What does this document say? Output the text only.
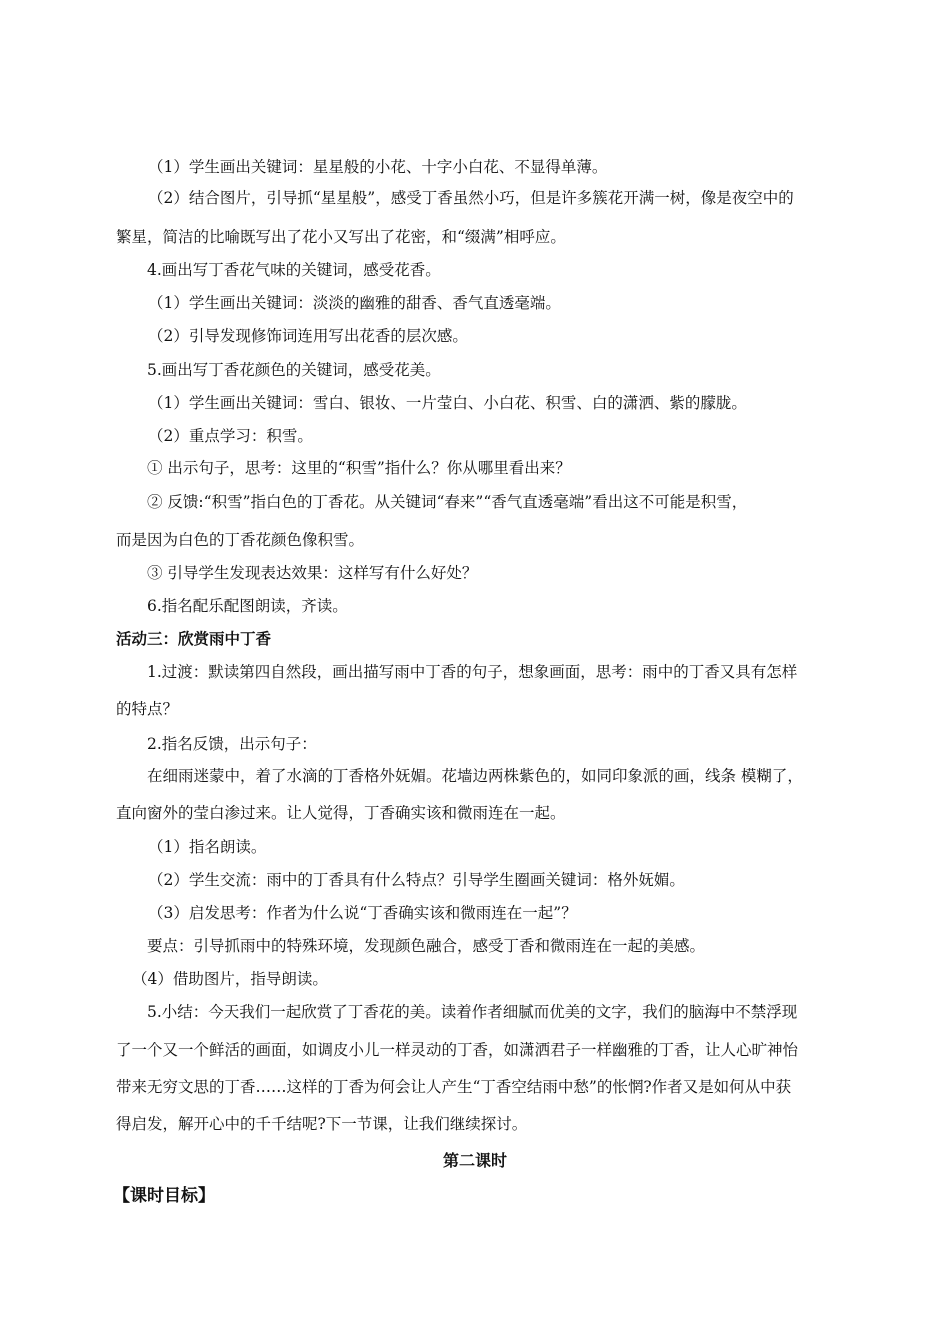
（1）学生画出关键词：星星般的小花、十字小白花、不显得单薄。
（2）结合图片，引导抓“星星般”，感受丁香虽然小巧，但是许多簇花开满一树，像是夜空中的
繁星，简洁的比喻既写出了花小又写出了花密，和“缀满”相呼应。
4.画出写丁香花气味的关键词，感受花香。
（1）学生画出关键词：淡淡的幽雅的甜香、香气直透毫端。
（2）引导发现修饰词连用写出花香的层次感。
5.画出写丁香花颜色的关键词，感受花美。
（1）学生画出关键词：雪白、银妆、一片莹白、小白花、积雪、白的潇洒、紫的朦胧。
（2）重点学习：积雪。
① 出示句子，思考：这里的“积雪”指什么？你从哪里看出来？
② 反馈:“积雪”指白色的丁香花。从关键词“春来”“香气直透毫端”看出这不可能是积雪，
而是因为白色的丁香花颜色像积雪。
③ 引导学生发现表达效果：这样写有什么好处？
6.指名配乐配图朗读，齐读。
活动三：欣赏雨中丁香
1.过渡：默读第四自然段，画出描写雨中丁香的句子，想象画面，思考：雨中的丁香又具有怎样
的特点？
2.指名反馈，出示句子：
在细雨迷蒙中，着了水滴的丁香格外妩媚。花墙边两株紫色的，如同印象派的画，线条 模糊了，
直向窗外的莹白渗过来。让人觉得，丁香确实该和微雨连在一起。
（1）指名朗读。
（2）学生交流：雨中的丁香具有什么特点？引导学生圈画关键词：格外妩媚。
（3）启发思考：作者为什么说“丁香确实该和微雨连在一起”？
要点：引导抓雨中的特殊环境，发现颜色融合，感受丁香和微雨连在一起的美感。
（4）借助图片，指导朗读。
5.小结：今天我们一起欣赏了丁香花的美。读着作者细腻而优美的文字，我们的脑海中不禁浮现
了一个又一个鲜活的画面，如调皮小儿一样灵动的丁香，如潇洒君子一样幽雅的丁香，让人心旷神怡
带来无穷文思的丁香……这样的丁香为何会让人产生“丁香空结雨中愁”的怅惘?作者又是如何从中获
得启发，解开心中的千千结呢?下一节课，让我们继续探讨。
第二课时
【课时目标】
